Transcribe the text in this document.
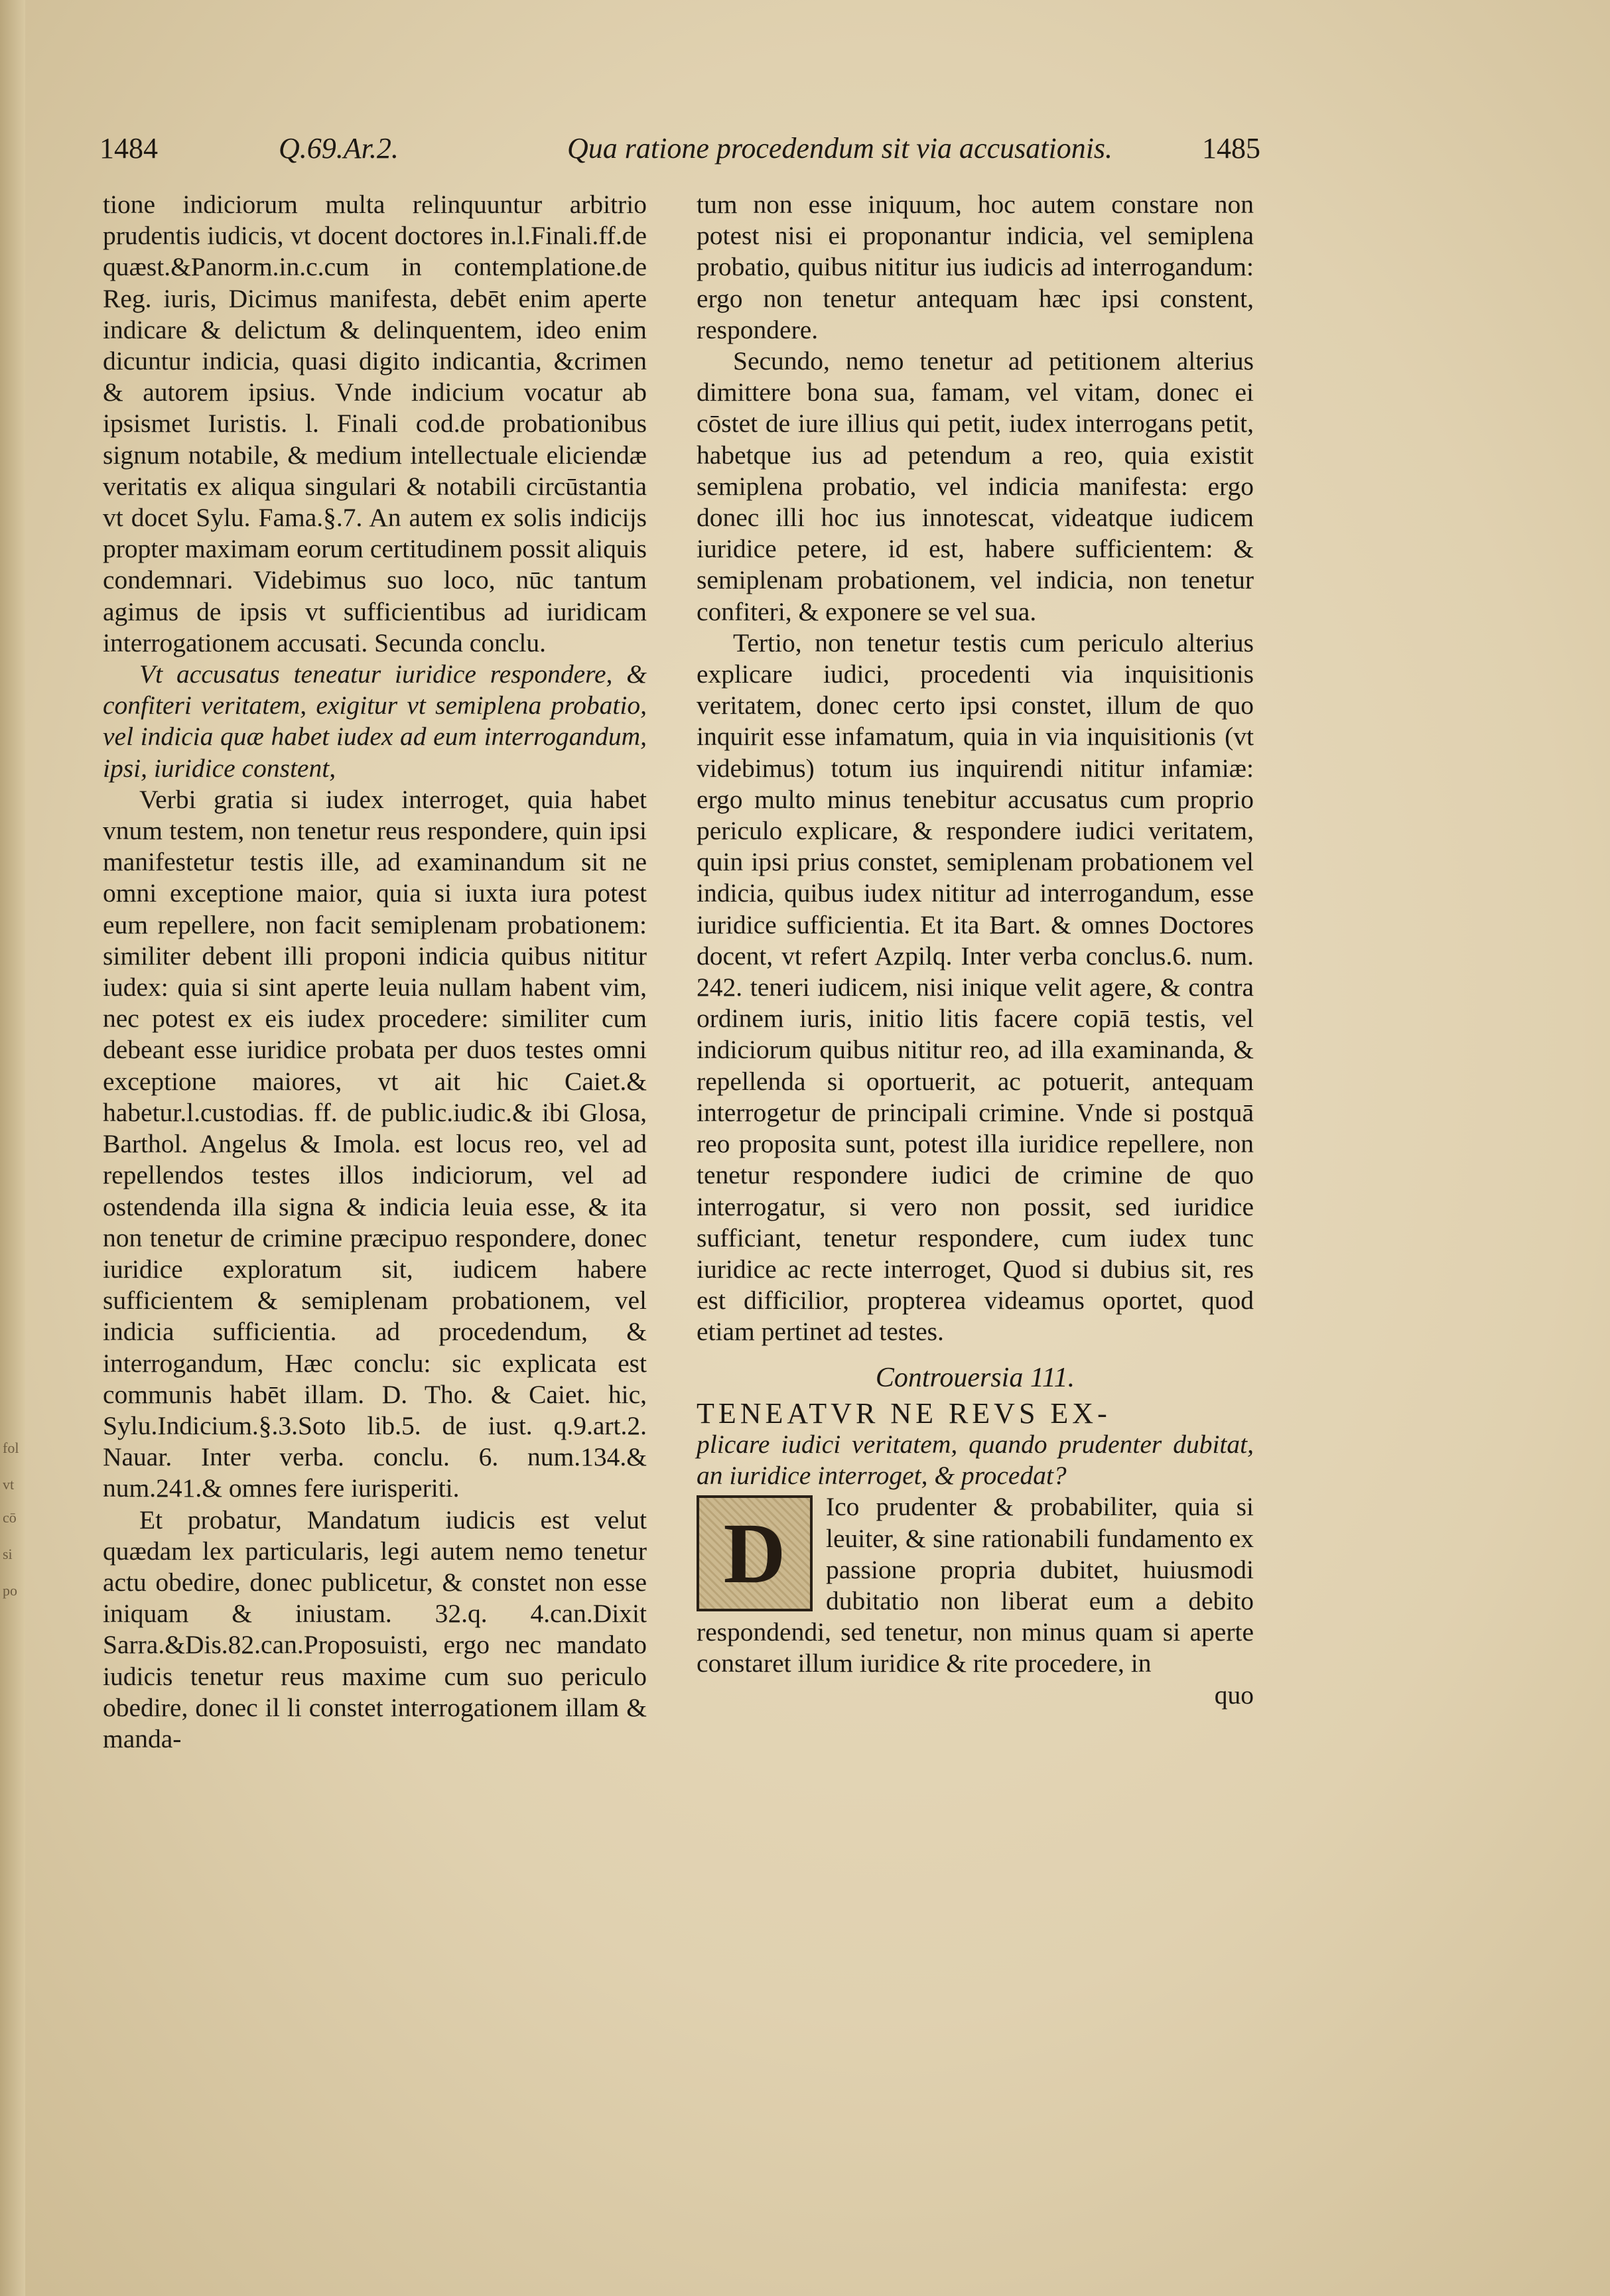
fol
vt
cō
si
po
1484	Q.69.Ar.2.	Qua ratione procedendum sit via accusationis.	1485

tione indiciorum multa relinquuntur arbitrio prudentis iudicis, vt docent doctores in.l.Finali.ff.de quæst.&Panorm.in.c.cum in contemplatione.de Reg. iuris, Dicimus manifesta, debēt enim aperte indicare & delictum & delinquentem, ideo enim dicuntur indicia, quasi digito indicantia, &crimen & autorem ipsius. Vnde indicium vocatur ab ipsismet Iuristis. l. Finali cod.de probationibus signum notabile, & medium intellectuale eliciendæ veritatis ex aliqua singulari & notabili circūstantia vt docet Sylu. Fama.§.7. An autem ex solis indicijs propter maximam eorum certitudinem possit aliquis condemnari. Videbimus suo loco, nūc tantum agimus de ipsis vt sufficientibus ad iuridicam interrogationem accusati. Secunda conclu.

Vt accusatus teneatur iuridice respondere, & confiteri veritatem, exigitur vt semiplena probatio, vel indicia quæ habet iudex ad eum interrogandum, ipsi, iuridice constent,

Verbi gratia si iudex interroget, quia habet vnum testem, non tenetur reus respondere, quin ipsi manifestetur testis ille, ad examinandum sit ne omni exceptione maior, quia si iuxta iura potest eum repellere, non facit semiplenam probationem: similiter debent illi proponi indicia quibus nititur iudex: quia si sint aperte leuia nullam habent vim, nec potest ex eis iudex procedere: similiter cum debeant esse iuridice probata per duos testes omni exceptione maiores, vt ait hic Caiet.& habetur.l.custodias. ff. de public.iudic.& ibi Glosa, Barthol. Angelus & Imola. est locus reo, vel ad repellendos testes illos indiciorum, vel ad ostendenda illa signa & indicia leuia esse, & ita non tenetur de crimine præcipuo respondere, donec iuridice exploratum sit, iudicem habere sufficientem & semiplenam probationem, vel indicia sufficientia. ad procedendum, & interrogandum, Hæc conclu: sic explicata est communis habēt illam. D. Tho. & Caiet. hic, Sylu.Indicium.§.3.Soto lib.5. de iust. q.9.art.2. Nauar. Inter verba. conclu. 6. num.134.& num.241.& omnes fere iurisperiti.

Et probatur, Mandatum iudicis est velut quædam lex particularis, legi autem nemo tenetur actu obedire, donec publicetur, & constet non esse iniquam & iniustam. 32.q. 4.can.Dixit Sarra.&Dis.82.can.Proposuisti, ergo nec mandato iudicis tenetur reus maxime cum suo periculo obedire, donec il li constet interrogationem illam & manda-

tum non esse iniquum, hoc autem constare non potest nisi ei proponantur indicia, vel semiplena probatio, quibus nititur ius iudicis ad interrogandum: ergo non tenetur antequam hæc ipsi constent, respondere.

Secundo, nemo tenetur ad petitionem alterius dimittere bona sua, famam, vel vitam, donec ei cōstet de iure illius qui petit, iudex interrogans petit, habetque ius ad petendum a reo, quia existit semiplena probatio, vel indicia manifesta: ergo donec illi hoc ius innotescat, videatque iudicem iuridice petere, id est, habere sufficientem: & semiplenam probationem, vel indicia, non tenetur confiteri, & exponere se vel sua.

Tertio, non tenetur testis cum periculo alterius explicare iudici, procedenti via inquisitionis veritatem, donec certo ipsi constet, illum de quo inquirit esse infamatum, quia in via inquisitionis (vt videbimus) totum ius inquirendi nititur infamiæ: ergo multo minus tenebitur accusatus cum proprio periculo explicare, & respondere iudici veritatem, quin ipsi prius constet, semiplenam probationem vel indicia, quibus iudex nititur ad interrogandum, esse iuridice sufficientia. Et ita Bart. & omnes Doctores docent, vt refert Azpilq. Inter verba conclus.6. num. 242. teneri iudicem, nisi inique velit agere, & contra ordinem iuris, initio litis facere copiā testis, vel indiciorum quibus nititur reo, ad illa examinanda, & repellenda si oportuerit, ac potuerit, antequam interrogetur de principali crimine. Vnde si postquā reo proposita sunt, potest illa iuridice repellere, non tenetur respondere iudici de crimine de quo interrogatur, si vero non possit, sed iuridice sufficiant, tenetur respondere, cum iudex tunc iuridice ac recte interroget, Quod si dubius sit, res est difficilior, propterea videamus oportet, quod etiam pertinet ad testes.

Controuersia 111.

TENEATVR NE REVS EX-

plicare iudici veritatem, quando prudenter dubitat, an iuridice interroget, & procedat?

D	Ico prudenter & probabiliter, quia si leuiter, & sine rationabili fundamento ex passione propria dubitet, huiusmodi dubitatio non liberat eum a debito respondendi, sed tenetur, non minus quam si aperte constaret illum iuridice & rite procedere, in

quo
